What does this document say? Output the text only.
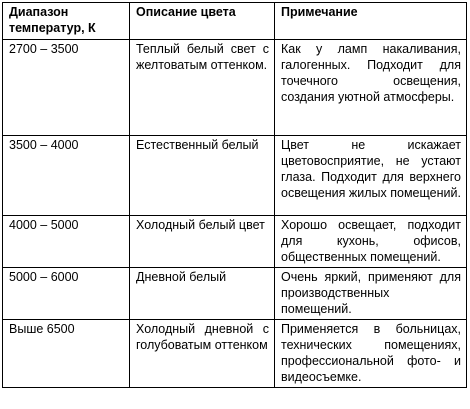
Диапазон температур, К	Описание цвета	Примечание
2700 – 3500	Теплый белый свет с желтоватым оттенком.	Как у ламп накаливания, галогенных. Подходит для точечного освещения, создания уютной атмосферы.
3500 – 4000	Естественный белый	Цвет не искажает цветовосприятие, не устают глаза. Подходит для верхнего освещения жилых помещений.
4000 – 5000	Холодный белый цвет	Хорошо освещает, подходит для кухонь, офисов, общественных помещений.
5000 – 6000	Дневной белый	Очень яркий, применяют для производственных помещений.
Выше 6500	Холодный дневной с голубоватым оттенком	Применяется в больницах, технических помещениях, профессиональной фото- и видеосъемке.
